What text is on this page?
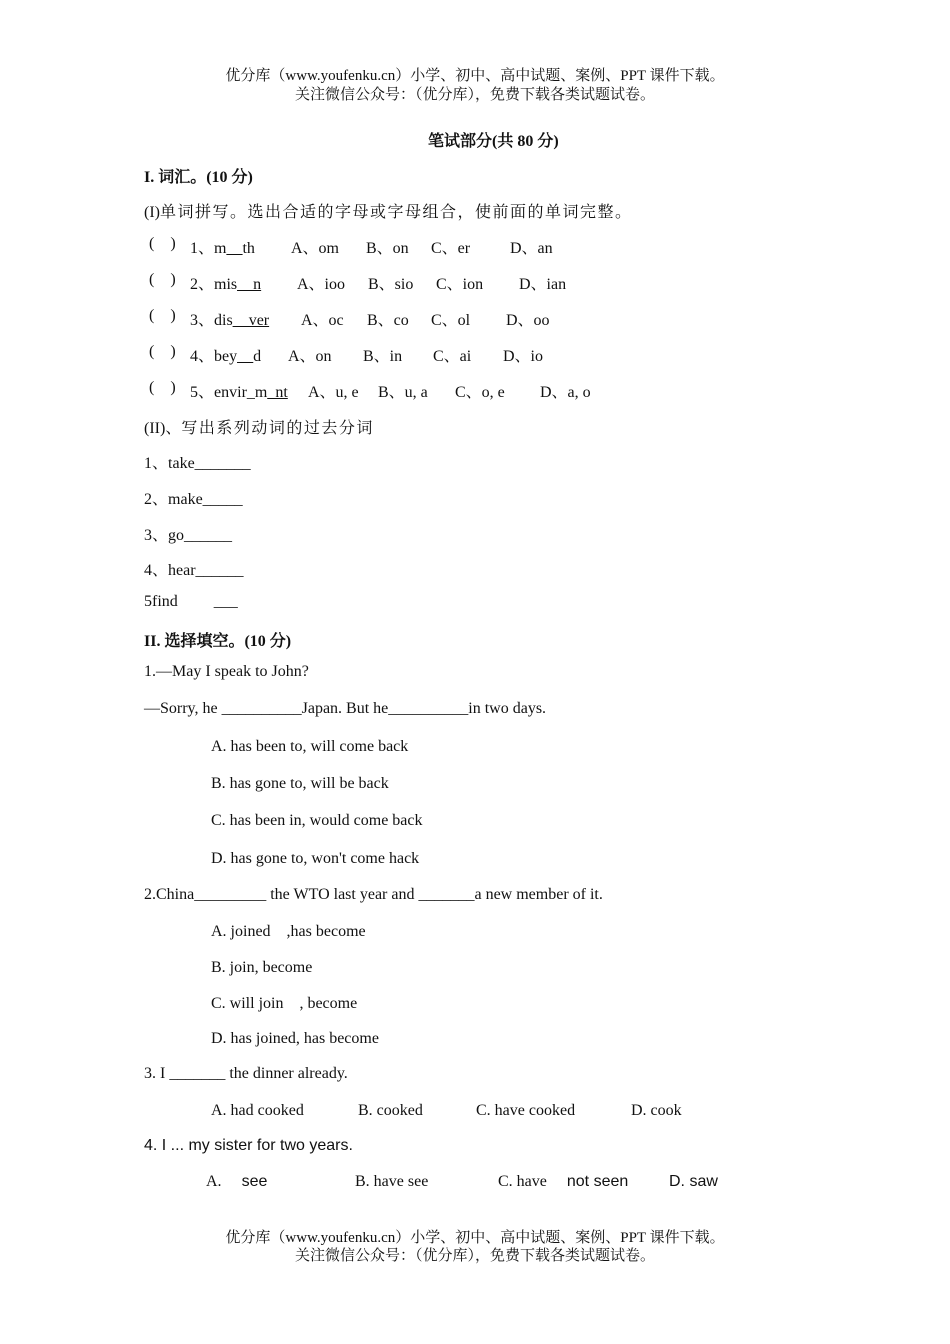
优分库（www.youfenku.cn）小学、初中、高中试题、案例、PPT 课件下载。
关注微信公众号：（优分库），免费下载各类试题试卷。
笔试部分(共 80 分)
I. 词汇。(10 分)
(I)单词拼写。选出合适的字母或字母组合，使前面的单词完整。
(    ) 1、m__th A、om B、on C、er D、an
(    ) 2、mis__n A、ioo B、sio C、ion D、ian
(    ) 3、dis__ver A、oc B、co C、ol D、oo
(    ) 4、bey__d A、on B、in C、ai D、io
(    ) 5、envir_m_nt A、u, e B、u, a C、o, e D、a, o
(II)、写出系列动词的过去分词
1、take_______
2、make_____
3、go______
4、hear______
5find ___
II. 选择填空。(10 分)
1.—May I speak to John?
—Sorry, he __________Japan. But he__________in two days.
A. has been to, will come back
B. has gone to, will be back
C. has been in, would come back
D. has gone to, won't come hack
2.China_________ the WTO last year and _______a new member of it.
A. joined    ,has become
B. join, become
C. will join    , become
D. has joined, has become
3. I _______ the dinner already.
A. had cooked	B. cooked	C. have cooked	D. cook
4. I ... my sister for two years.
A. see	B. have see	C. have not seen	D. saw
优分库（www.youfenku.cn）小学、初中、高中试题、案例、PPT 课件下载。
关注微信公众号：（优分库），免费下载各类试题试卷。
